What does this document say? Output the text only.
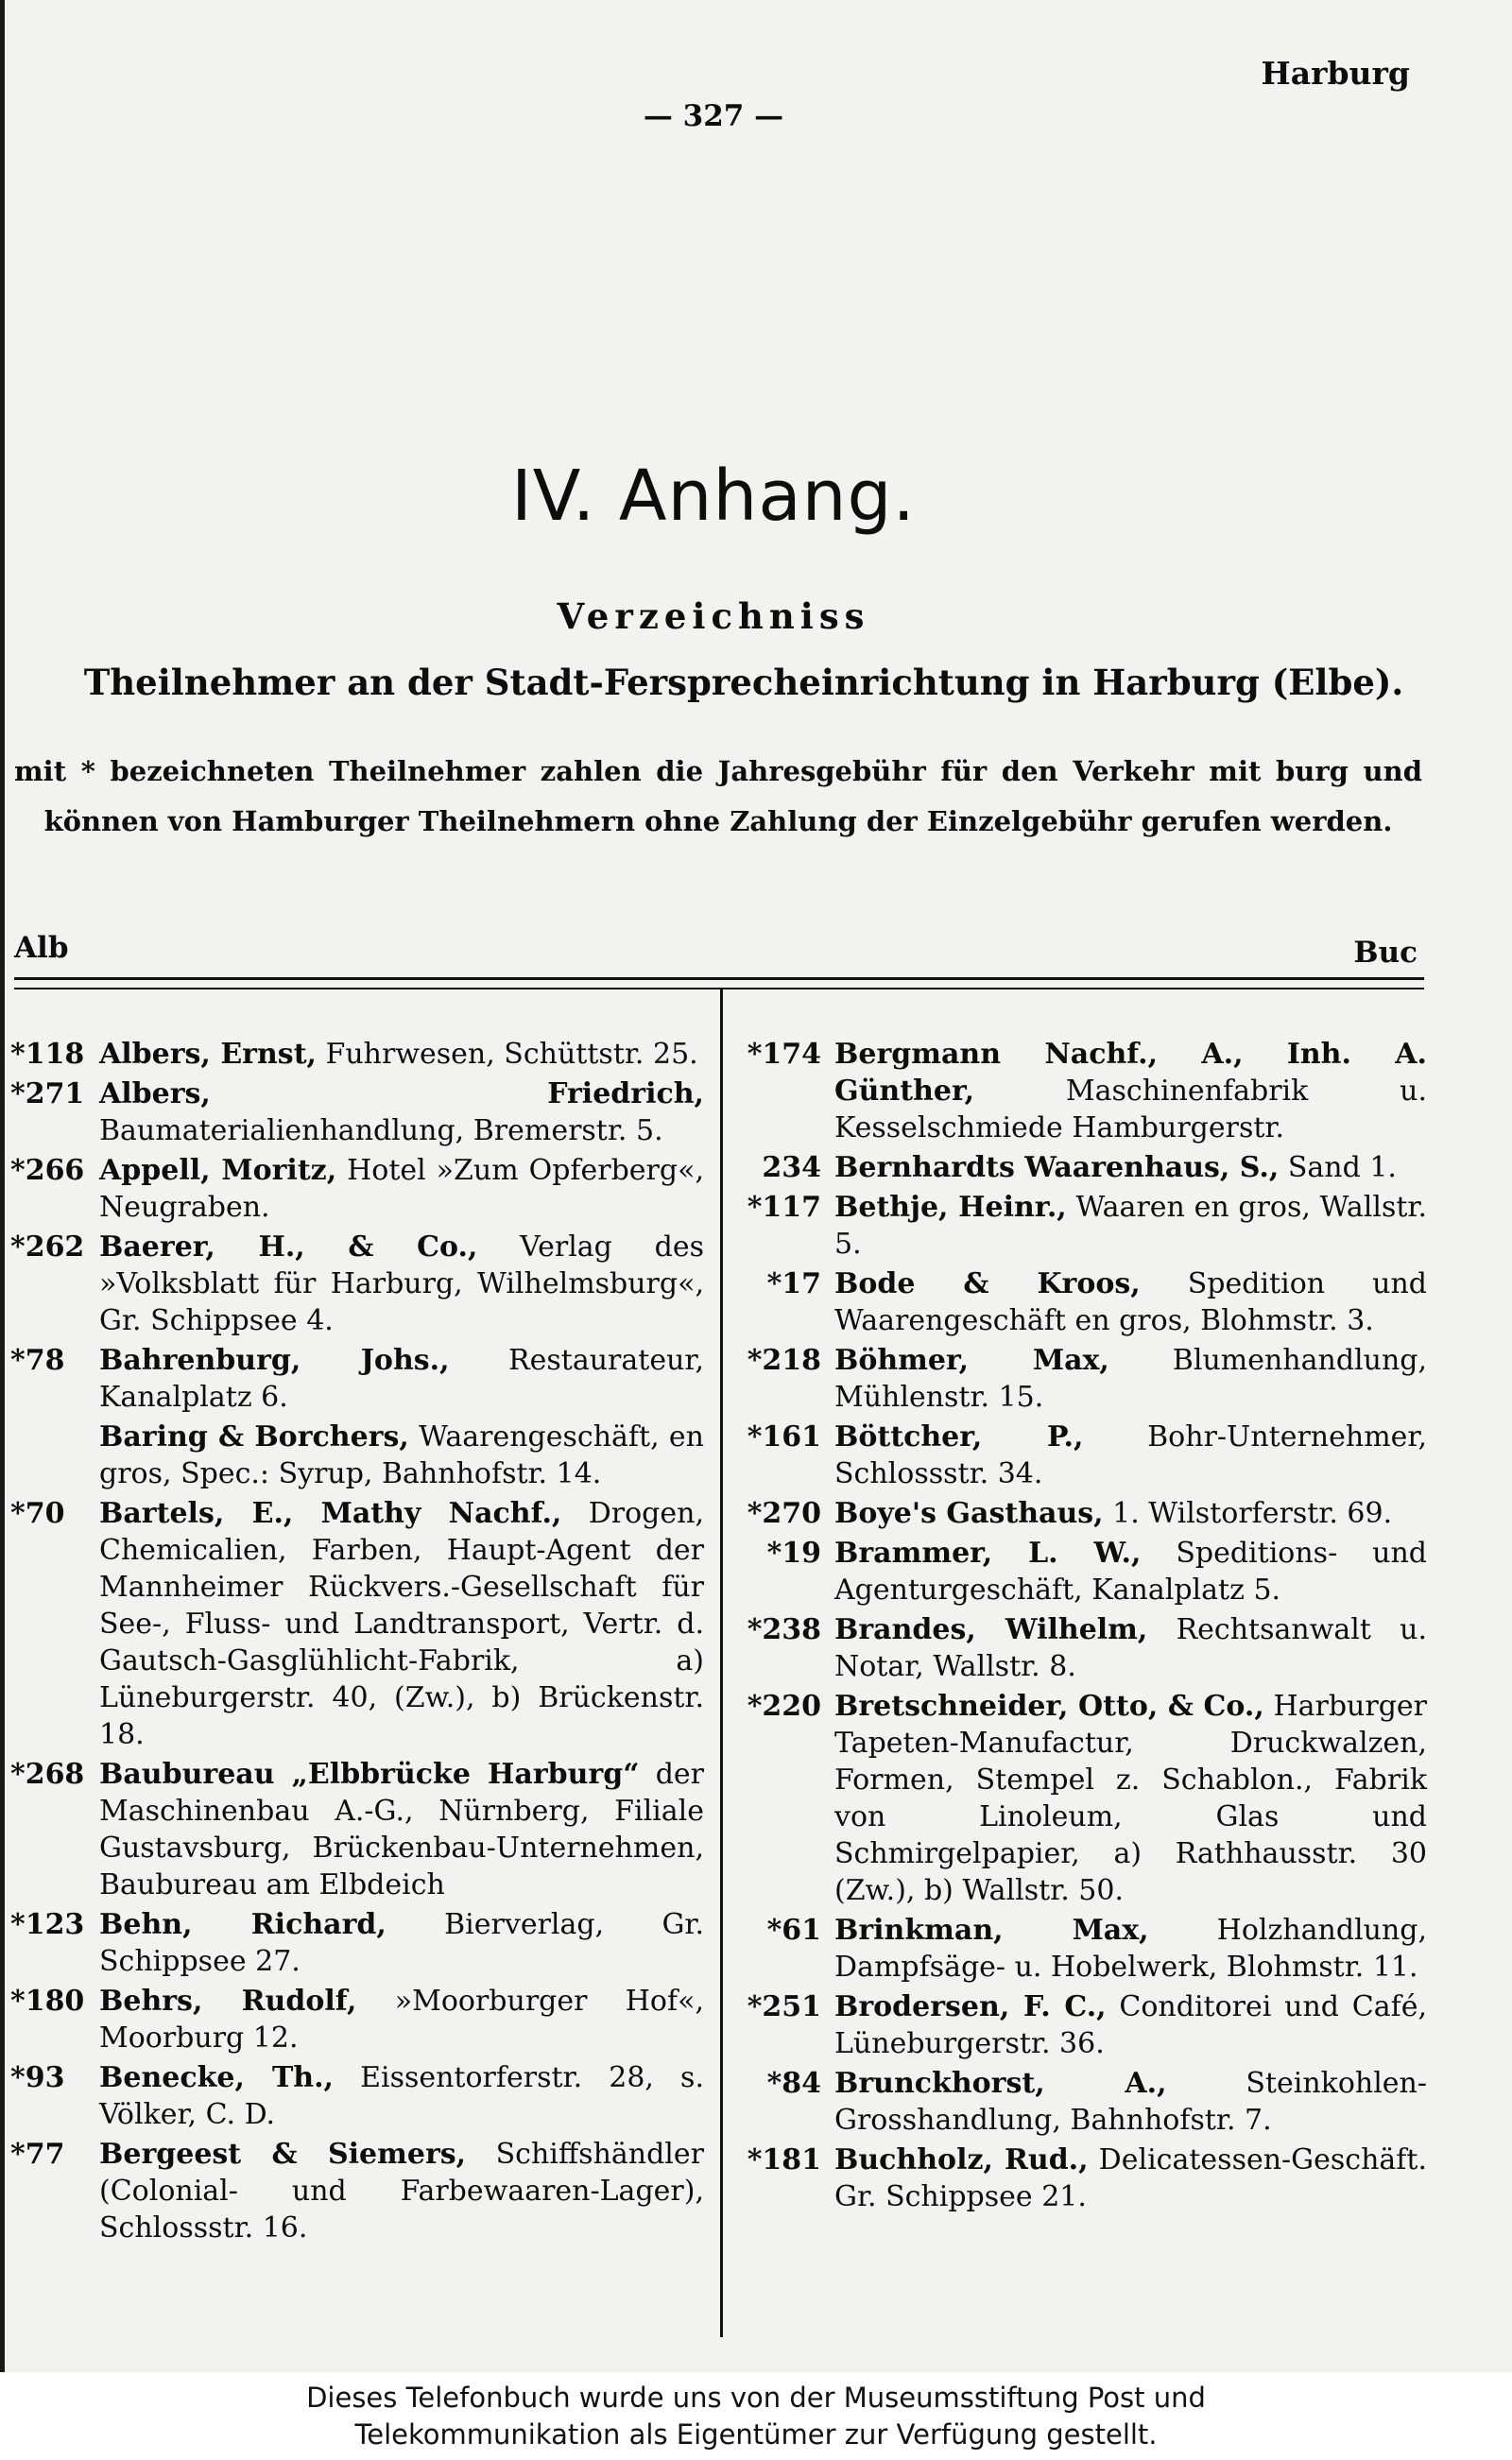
Harburg
— 327 —
IV. Anhang.
Verzeichniss
Theilnehmer an der Stadt-Fersprecheinrichtung in Harburg (Elbe).
mit * bezeichneten Theilnehmer zahlen die Jahresgebühr für den Verkehr mit burg und können von Hamburger Theilnehmern ohne Zahlung der Einzelgebühr gerufen werden.
Alb	Buc
*118 Albers, Ernst, Fuhrwesen, Schüttstr. 25.
*271 Albers, Friedrich, Baumaterialienhandlung, Bremerstr. 5.
*266 Appell, Moritz, Hotel »Zum Opferberg«, Neugraben.
*262 Baerer, H., & Co., Verlag des »Volksblatt für Harburg, Wilhelmsburg«, Gr. Schippsee 4.
*78	Bahrenburg, Johs., Restaurateur, Kanalplatz 6.
Baring & Borchers, Waarengeschäft, en gros, Spec.: Syrup, Bahnhofstr. 14.
*70	Bartels, E., Mathy Nachf., Drogen, Chemicalien, Farben, Haupt-Agent der Mannheimer Rückvers.-Gesellschaft für See-, Fluss- und Landtransport, Vertr. d. Gautsch-Gasglühlicht-Fabrik, a) Lüneburgerstr. 40, (Zw.), b) Brückenstr. 18.
*268 Baubureau „Elbbrücke Harburg“ der Maschinenbau A.-G., Nürnberg, Filiale Gustavsburg, Brückenbau-Unternehmen, Baubureau am Elbdeich
*123 Behn, Richard, Bierverlag, Gr. Schippsee 27.
*180 Behrs, Rudolf, »Moorburger Hof«, Moorburg 12.
*93	Benecke, Th., Eissentorferstr. 28, s. Völker, C. D.
*77	Bergeest & Siemers, Schiffshändler (Colonial- und Farbewaaren-Lager), Schlossstr. 16.
*174 Bergmann Nachf., A., Inh. A. Günther, Maschinenfabrik u. Kesselschmiede Hamburgerstr.
234 Bernhardts Waarenhaus, S., Sand 1.
*117 Bethje, Heinr., Waaren en gros, Wallstr. 5.
*17 Bode & Kroos, Spedition und Waarengeschäft en gros, Blohmstr. 3.
*218 Böhmer, Max, Blumenhandlung, Mühlenstr. 15.
*161 Böttcher, P., Bohr-Unternehmer, Schlossstr. 34.
*270 Boye's Gasthaus, 1. Wilstorferstr. 69.
*19 Brammer, L. W., Speditions- und Agenturgeschäft, Kanalplatz 5.
*238 Brandes, Wilhelm, Rechtsanwalt u. Notar, Wallstr. 8.
*220 Bretschneider, Otto, & Co., Harburger Tapeten-Manufactur, Druckwalzen, Formen, Stempel z. Schablon., Fabrik von Linoleum, Glas und Schmirgelpapier, a) Rathhausstr. 30 (Zw.), b) Wallstr. 50.
*61 Brinkman, Max, Holzhandlung, Dampfsäge- u. Hobelwerk, Blohmstr. 11.
*251 Brodersen, F. C., Conditorei und Café, Lüneburgerstr. 36.
*84 Brunckhorst, A., Steinkohlen-Grosshandlung, Bahnhofstr. 7.
*181 Buchholz, Rud., Delicatessen-Geschäft. Gr. Schippsee 21.
Dieses Telefonbuch wurde uns von der Museumsstiftung Post und
Telekommunikation als Eigentümer zur Verfügung gestellt.
